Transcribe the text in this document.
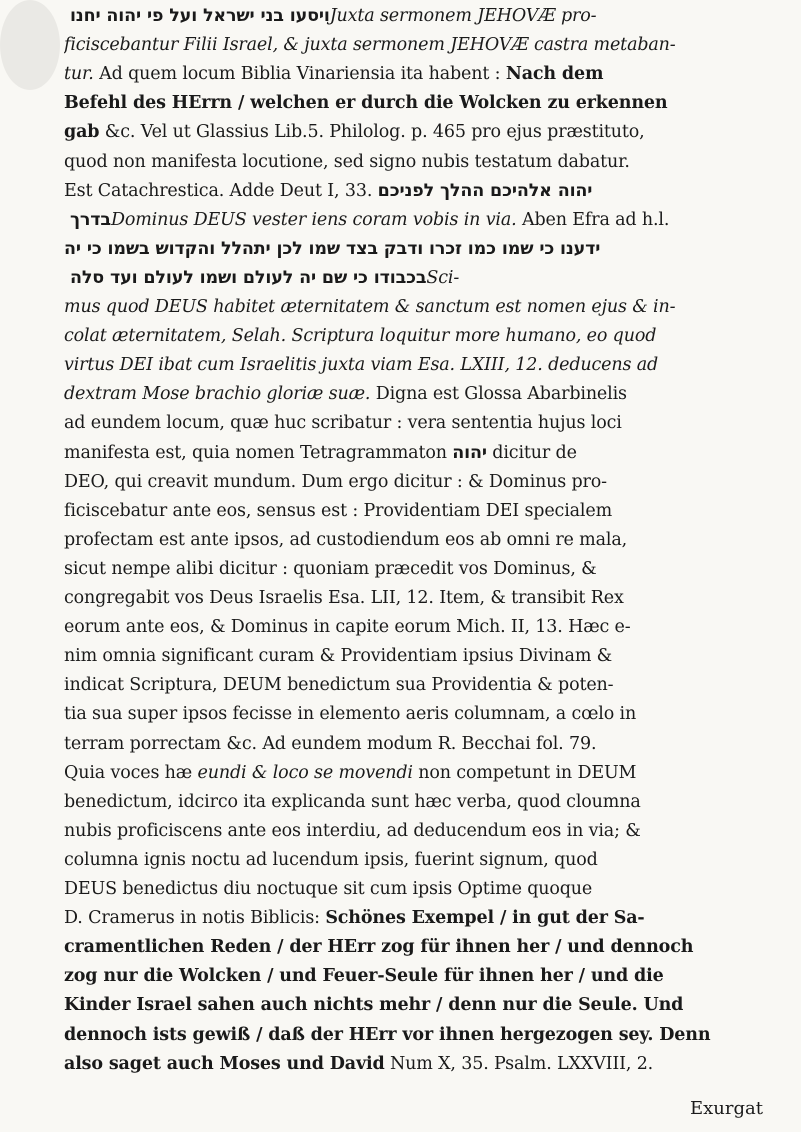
ויסעו בני ישראל ועל פי יהוה יחנו Juxta sermonem JEHOVÆ pro-
ficiscebantur Filii Israel, & juxta sermonem JEHOVÆ castra metaban-
tur. Ad quem locum Biblia Vinariensia ita habent : Nach dem
Befehl des HErrn / welchen er durch die Wolcken zu erkennen
gab &c. Vel ut Glassius Lib.5. Philolog. p. 465 pro ejus præstituto,
quod non manifesta locutione, sed signo nubis testatum dabatur.
Est Catachrestica. Adde Deut I, 33. יהוה אלהיכם ההלך לפניכם
בדרך Dominus DEUS vester iens coram vobis in via. Aben Efra ad h.l.
ידענו כי שמו כמו זכרו ודבק בצד שמו לכן יתהלל והקדוש בשמו כי יה
בכבודו כי שם יה לעולם ושמו לעולם ועד סלה Sci-
mus quod DEUS habitet æternitatem & sanctum est nomen ejus & in-
colat æternitatem, Selah. Scriptura loquitur more humano, eo quod
virtus DEI ibat cum Israelitis juxta viam Esa. LXIII, 12. deducens ad
dextram Mose brachio gloriæ suæ. Digna est Glossa Abarbinelis
ad eundem locum, quæ huc scribatur : vera sententia hujus loci
manifesta est, quia nomen Tetragrammaton יהוה dicitur de
DEO, qui creavit mundum. Dum ergo dicitur : & Dominus pro-
ficiscebatur ante eos, sensus est : Providentiam DEI specialem
profectam est ante ipsos, ad custodiendum eos ab omni re mala,
sicut nempe alibi dicitur : quoniam præcedit vos Dominus, &
congregabit vos Deus Israelis Esa. LII, 12. Item, & transibit Rex
eorum ante eos, & Dominus in capite eorum Mich. II, 13. Hæc e-
nim omnia significant curam & Providentiam ipsius Divinam &
indicat Scriptura, DEUM benedictum sua Providentia & poten-
tia sua super ipsos fecisse in elemento aeris columnam, a cœlo in
terram porrectam &c. Ad eundem modum R. Becchai fol. 79.
Quia voces hæ eundi & loco se movendi non competunt in DEUM
benedictum, idcirco ita explicanda sunt hæc verba, quod cloumna
nubis proficiscens ante eos interdiu, ad deducendum eos in via; &
columna ignis noctu ad lucendum ipsis, fuerint signum, quod
DEUS benedictus diu noctuque sit cum ipsis Optime quoque
D. Cramerus in notis Biblicis: Schönes Exempel / in gut der Sa-
cramentlichen Reden / der HErr zog für ihnen her / und dennoch
zog nur die Wolcken / und Feuer-Seule für ihnen her / und die
Kinder Israel sahen auch nichts mehr / denn nur die Seule. Und
dennoch ists gewiß / daß der HErr vor ihnen hergezogen sey. Denn
also saget auch Moses und David Num X, 35. Psalm. LXXVIII, 2.
Exurgat
